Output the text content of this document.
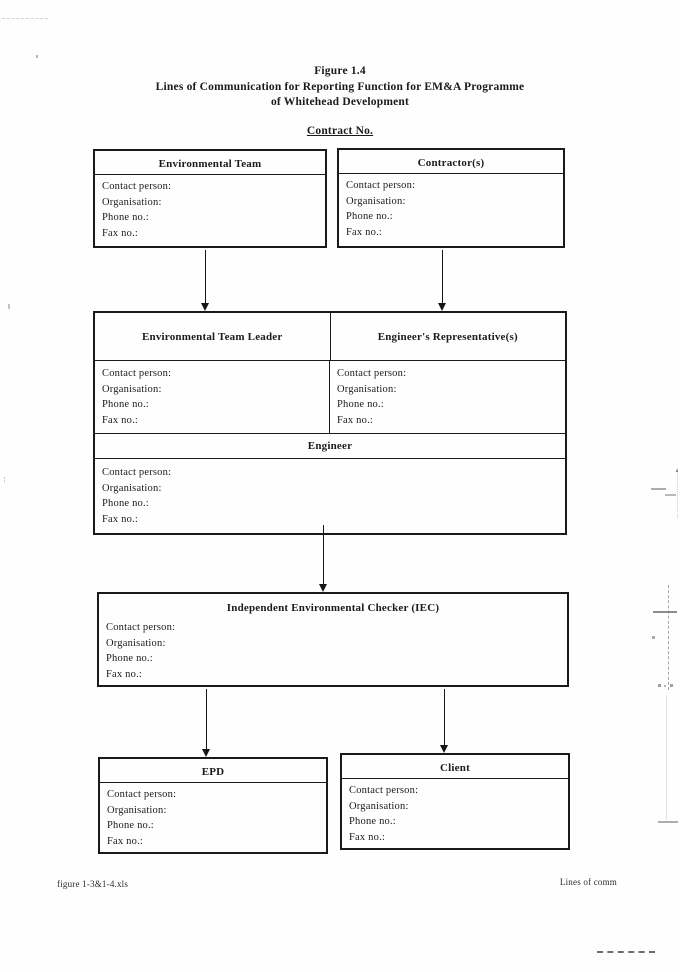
Figure 1.4
Lines of Communication for Reporting Function for EM&A Programme
of Whitehead Development
Contract No.
Environmental Team
Contact person:
Organisation:
Phone no.:
Fax no.:
Contractor(s)
Contact person:
Organisation:
Phone no.:
Fax no.:
Environmental Team Leader	Engineer's Representative(s)
Contact person:
Organisation:
Phone no.:
Fax no.:
Contact person:
Organisation:
Phone no.:
Fax no.:
Engineer
Contact person:
Organisation:
Phone no.:
Fax no.:
Independent Environmental Checker (IEC)
Contact person:
Organisation:
Phone no.:
Fax no.:
EPD
Contact person:
Organisation:
Phone no.:
Fax no.:
Client
Contact person:
Organisation:
Phone no.:
Fax no.:
figure 1-3&1-4.xls	Lines of comm
